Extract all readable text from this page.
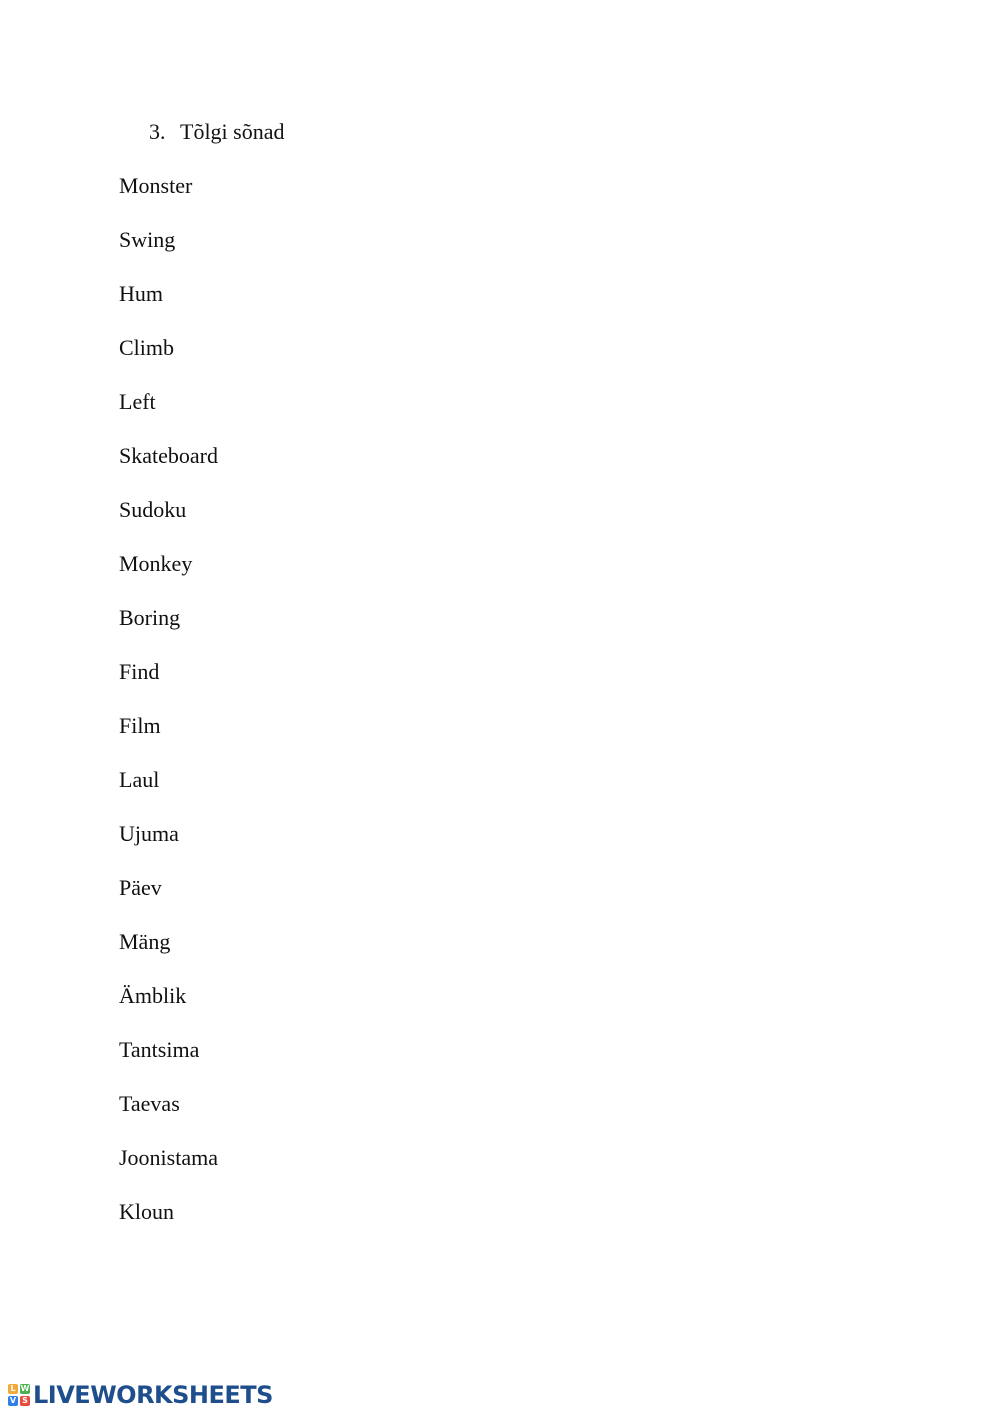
3. Tõlgi sõnad
Monster
Swing
Hum
Climb
Left
Skateboard
Sudoku
Monkey
Boring
Find
Film
Laul
Ujuma
Päev
Mäng
Ämblik
Tantsima
Taevas
Joonistama
Kloun
L W
V S LIVEWORKSHEETS
